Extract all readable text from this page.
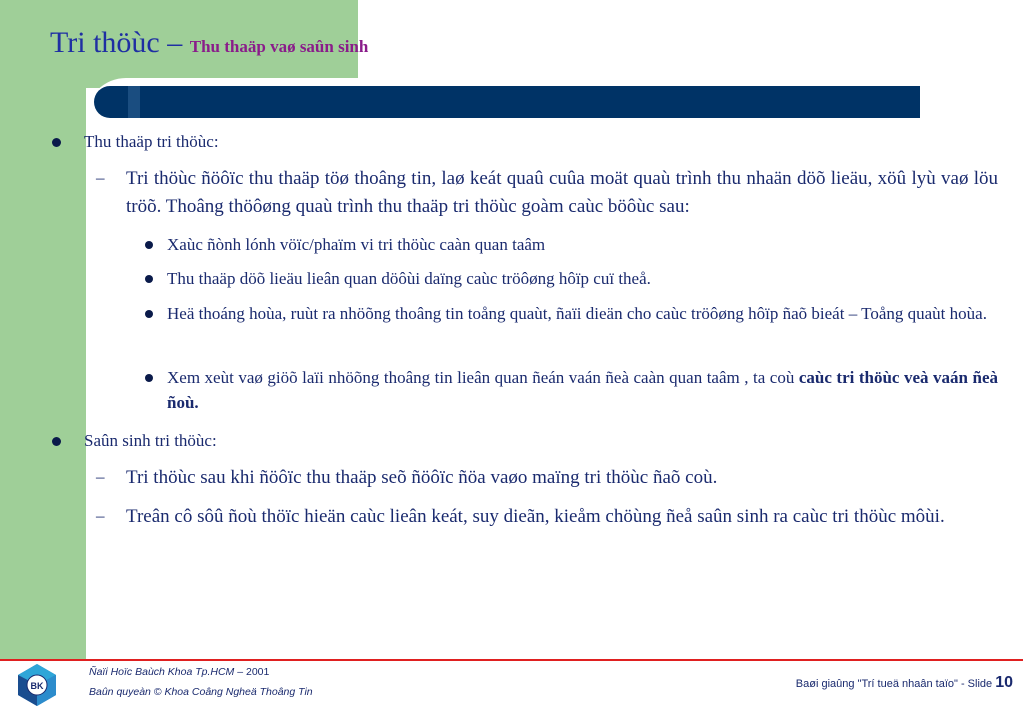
Tri thöùc – Thu thaäp vaø saûn sinh
Thu thaäp tri thöùc:
– Tri thöùc ñöôïc thu thaäp töø thoâng tin, laø keát quaû cuûa moät quaù trình thu nhaän döõ lieäu, xöû lyù vaø löu tröõ. Thoâng thöôøng quaù trình thu thaäp tri thöùc goàm caùc böôùc sau:
Xaùc ñònh lónh vöïc/phaïm vi tri thöùc caàn quan taâm
Thu thaäp döõ lieäu lieân quan döôùi daïng caùc tröôøng hôïp cuï theå.
Heä thoáng hoùa, ruùt ra nhöõng thoâng tin toång quaùt, ñaïi dieän cho caùc tröôøng hôïp ñaõ bieát – Toång quaùt hoùa.
Xem xeùt vaø giöõ laïi nhöõng thoâng tin lieân quan ñeán vaán ñeà caàn quan taâm , ta coù caùc tri thöùc veà vaán ñeà ñoù.
Saûn sinh tri thöùc:
– Tri thöùc sau khi ñöôïc thu thaäp seõ ñöôïc ñöa vaøo maïng tri thöùc ñaõ coù.
– Treân cô sôû ñoù thöïc hieän caùc lieân keát, suy dieãn, kieåm chöùng ñeå saûn sinh ra caùc tri thöùc môùi.
BK
Ñaïi Hoïc Baùch Khoa Tp.HCM – 2001
Baûn quyeàn © Khoa Coâng Ngheä Thoâng Tin
Baøi giaûng "Trí tueä nhaân taïo" - Slide 10
